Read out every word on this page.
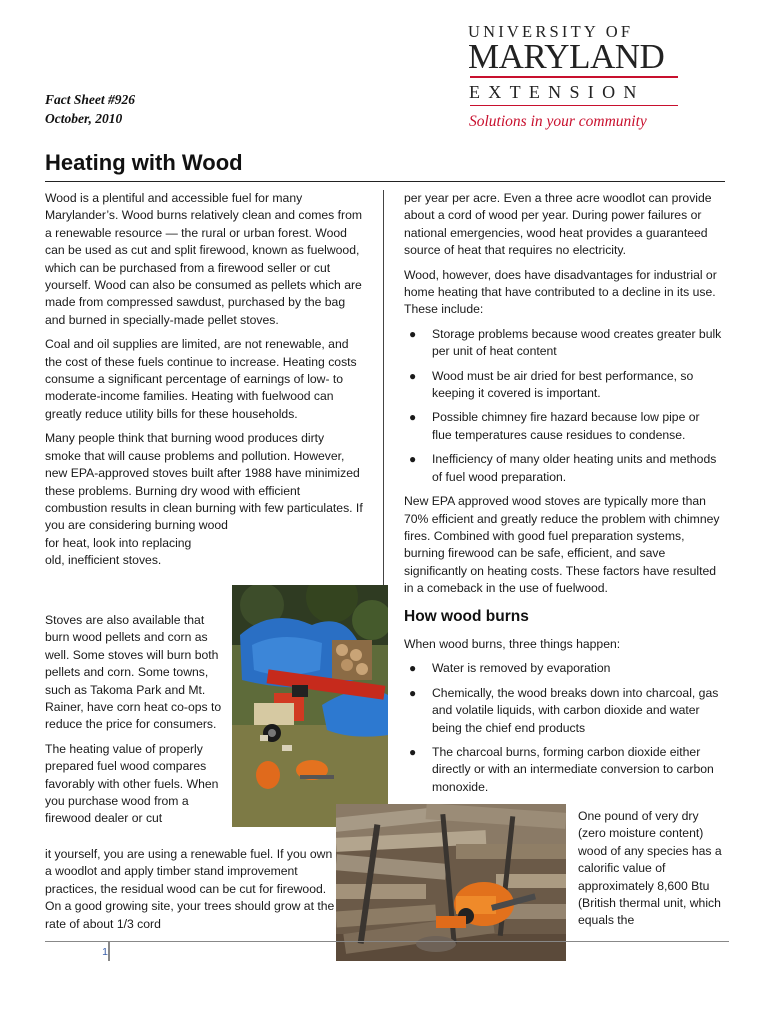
Fact Sheet #926
October, 2010
UNIVERSITY OF
MARYLAND
EXTENSION
Solutions in your community
Heating with Wood

Wood is a plentiful and accessible fuel for many Marylander’s. Wood burns relatively clean and comes from a renewable resource — the rural or urban forest. Wood can be used as cut and split firewood, known as fuelwood, which can be purchased from a firewood seller or cut yourself. Wood can also be consumed as pellets which are made from compressed sawdust, purchased by the bag and burned in specially-made pellet stoves.

Coal and oil supplies are limited, are not renewable, and the cost of these fuels continue to increase. Heating costs consume a significant percentage of earnings of low- to moderate-income families. Heating with fuelwood can greatly reduce utility bills for these households.

Many people think that burning wood produces dirty smoke that will cause problems and pollution. However, new EPA-approved stoves built after 1988 have minimized these problems. Burning dry wood with efficient combustion results in clean burning with few particulates. If you are considering burning wood

for heat, look into replacing
old, inefficient stoves.

Stoves are also available that burn wood pellets and corn as well. Some stoves will burn both pellets and corn. Some towns, such as Takoma Park and Mt. Rainer, have corn heat co-ops to reduce the price for consumers.

The heating value of properly prepared fuel wood compares favorably with other fuels. When you purchase wood from a firewood dealer or cut

it yourself, you are using a renewable fuel. If you own a woodlot and apply timber stand improvement practices, the residual wood can be cut for firewood. On a good growing site, your trees should grow at the rate of about 1/3 cord

per year per acre. Even a three acre woodlot can provide about a cord of wood per year. During power failures or national emergencies, wood heat provides a guaranteed source of heat that requires no electricity.

Wood, however, does have disadvantages for industrial or home heating that have contributed to a decline in its use. These include:

● Storage problems because wood creates greater bulk per unit of heat content
● Wood must be air dried for best performance, so keeping it covered is important.
● Possible chimney fire hazard because low pipe or flue temperatures cause residues to condense.
● Inefficiency of many older heating units and methods of fuel wood preparation.

New EPA approved wood stoves are typically more than 70% efficient and greatly reduce the problem with chimney fires. Combined with good fuel preparation systems, burning firewood can be safe, efficient, and save significantly on heating costs. These factors have resulted in a comeback in the use of fuelwood.

How wood burns

When wood burns, three things happen:

● Water is removed by evaporation
● Chemically, the wood breaks down into charcoal, gas and volatile liquids, with carbon dioxide and water being the chief end products
● The charcoal burns, forming carbon dioxide either directly or with an intermediate conversion to carbon monoxide.

One pound of very dry (zero moisture content) wood of any species has a calorific value of approximately 8,600 Btu (British thermal unit, which equals the

1
